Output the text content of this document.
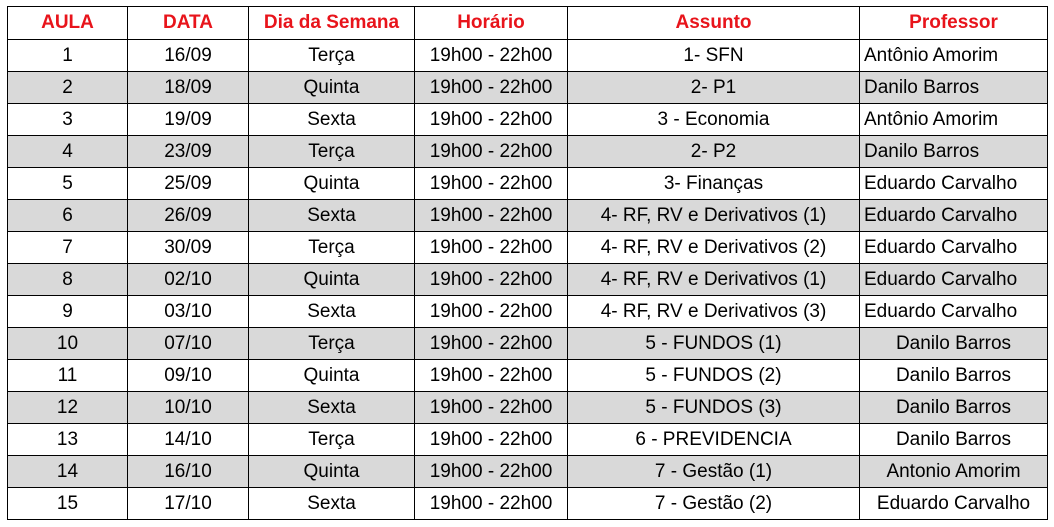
AULA	DATA	Dia da Semana	Horário	Assunto	Professor
1	16/09	Terça	19h00 - 22h00	1- SFN	Antônio Amorim
2	18/09	Quinta	19h00 - 22h00	2- P1	Danilo Barros
3	19/09	Sexta	19h00 - 22h00	3 - Economia	Antônio Amorim
4	23/09	Terça	19h00 - 22h00	2- P2	Danilo Barros
5	25/09	Quinta	19h00 - 22h00	3- Finanças	Eduardo Carvalho
6	26/09	Sexta	19h00 - 22h00	4- RF, RV e Derivativos (1)	Eduardo Carvalho
7	30/09	Terça	19h00 - 22h00	4- RF, RV e Derivativos (2)	Eduardo Carvalho
8	02/10	Quinta	19h00 - 22h00	4- RF, RV e Derivativos (1)	Eduardo Carvalho
9	03/10	Sexta	19h00 - 22h00	4- RF, RV e Derivativos (3)	Eduardo Carvalho
10	07/10	Terça	19h00 - 22h00	5 - FUNDOS (1)	Danilo Barros
11	09/10	Quinta	19h00 - 22h00	5 - FUNDOS (2)	Danilo Barros
12	10/10	Sexta	19h00 - 22h00	5 - FUNDOS (3)	Danilo Barros
13	14/10	Terça	19h00 - 22h00	6 - PREVIDENCIA	Danilo Barros
14	16/10	Quinta	19h00 - 22h00	7 - Gestão (1)	Antonio Amorim
15	17/10	Sexta	19h00 - 22h00	7 - Gestão (2)	Eduardo Carvalho
